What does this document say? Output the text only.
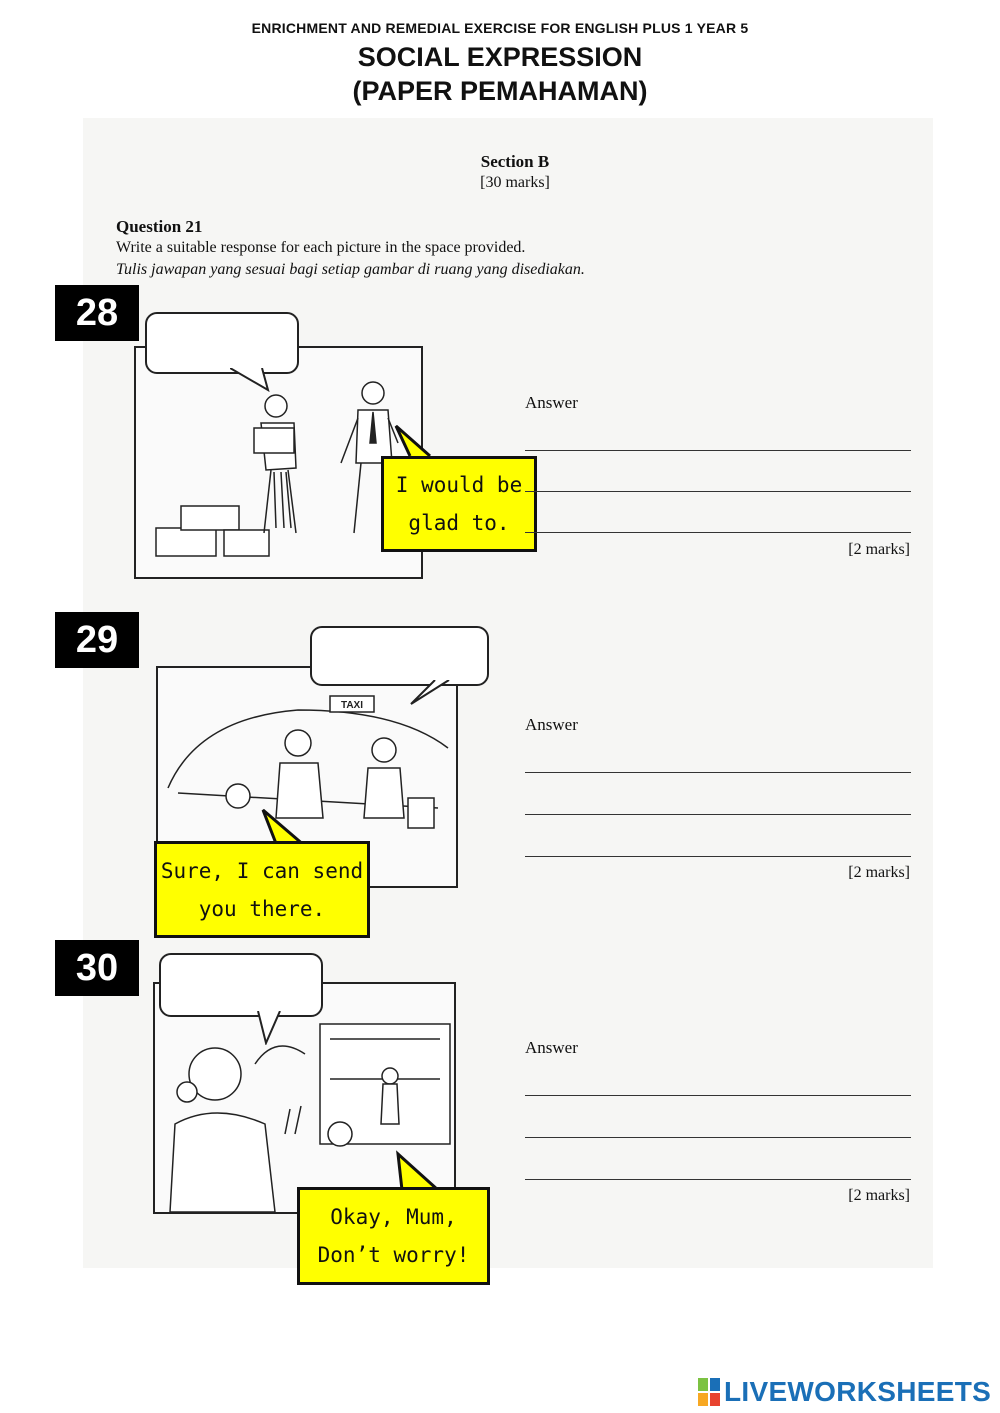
ENRICHMENT AND REMEDIAL EXERCISE FOR ENGLISH PLUS 1 YEAR 5
SOCIAL EXPRESSION
(PAPER PEMAHAMAN)
Section B
[30 marks]
Question 21
Write a suitable response for each picture in the space provided.
Tulis jawapan yang sesuai bagi setiap gambar di ruang yang disediakan.
28
I would be
glad to.
Answer
[2 marks]
29
TAXI
Sure, I can send
you there.
Answer
[2 marks]
30
Okay, Mum,
Don’t worry!
Answer
[2 marks]
LIVEWORKSHEETS
